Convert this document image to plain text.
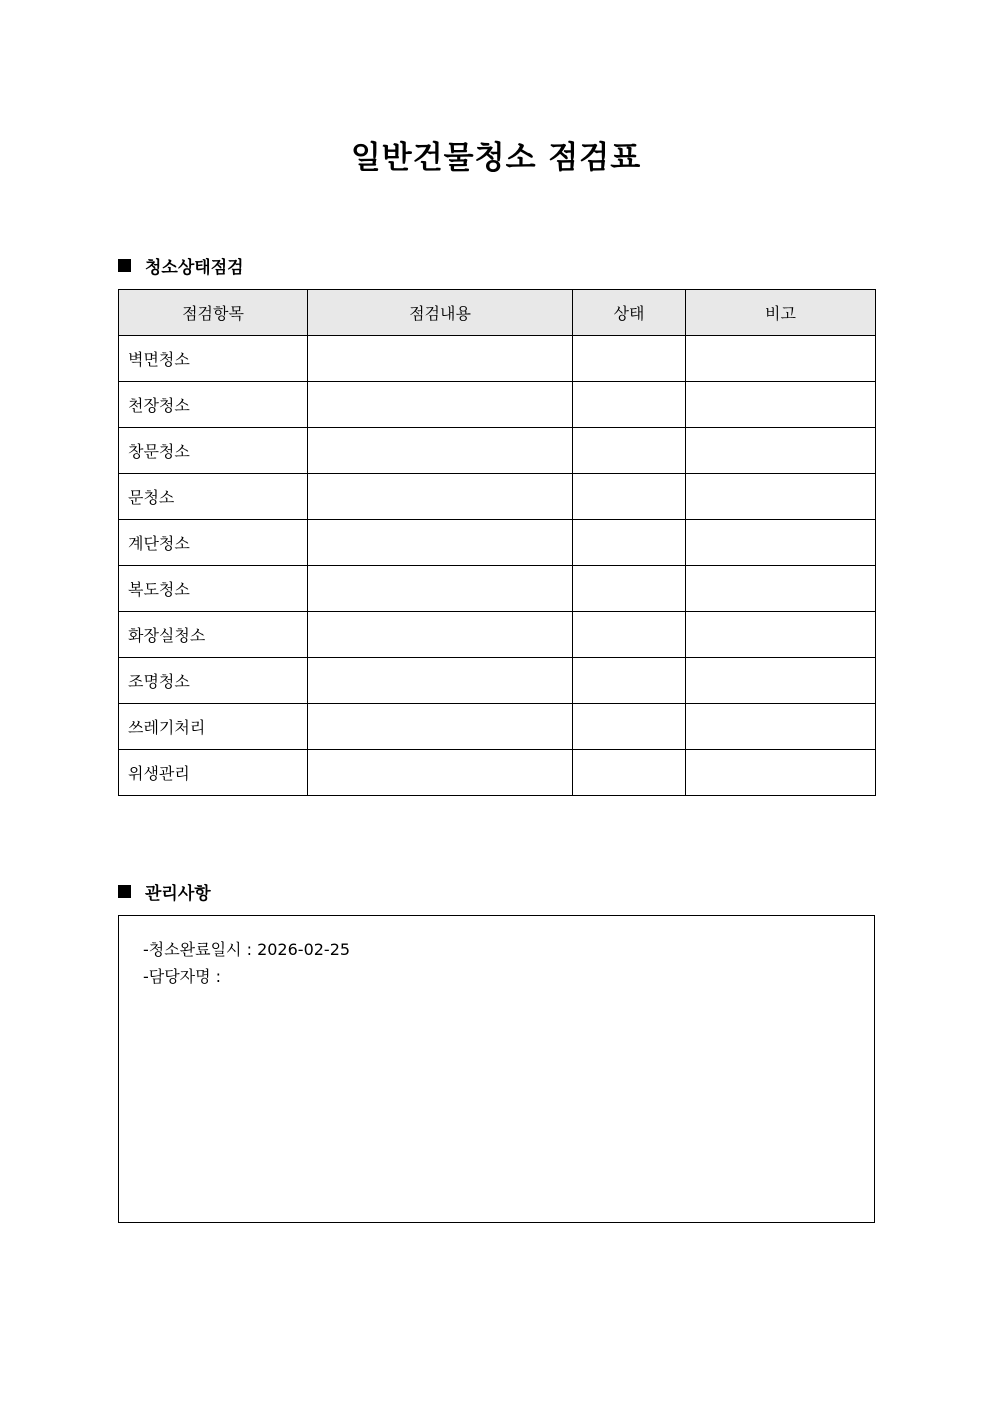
일반건물청소 점검표
청소상태점검
점검항목	점검내용	상태	비고
벽면청소			
천장청소			
창문청소			
문청소			
계단청소			
복도청소			
화장실청소			
조명청소			
쓰레기처리			
위생관리			
관리사항
-청소완료일시 : 2026-02-25
-담당자명 :
